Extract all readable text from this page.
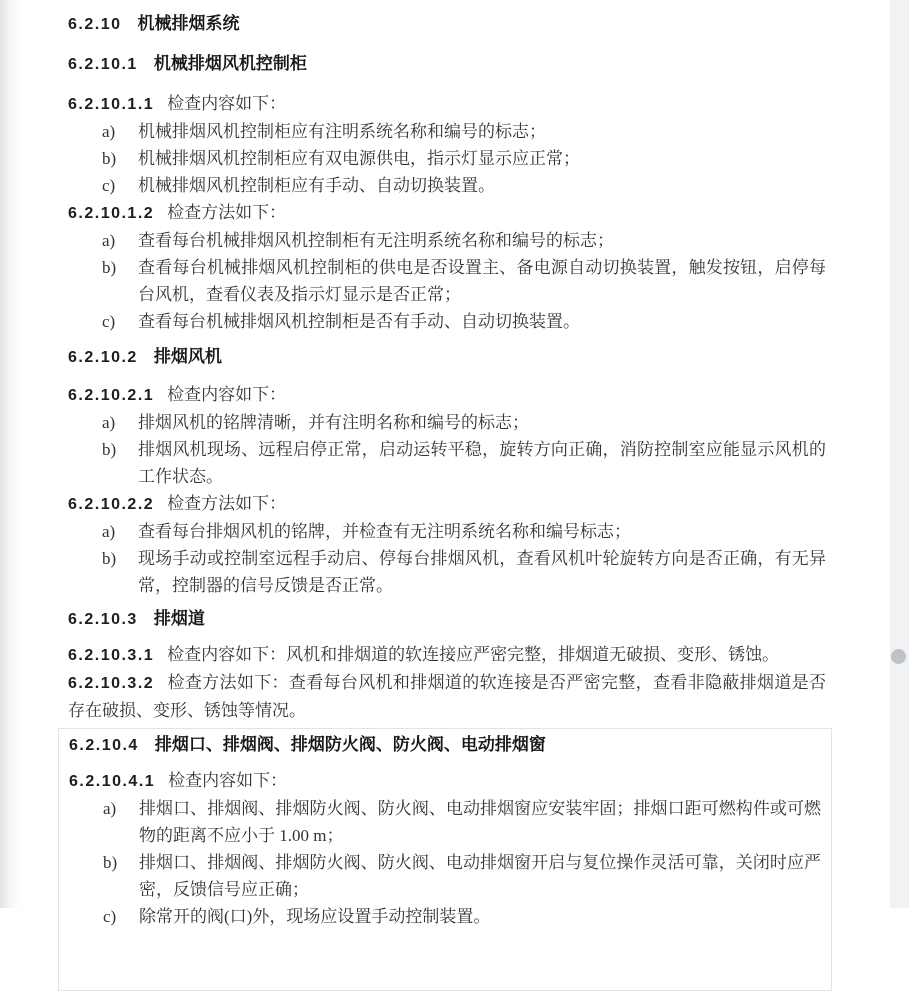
6.2.10 机械排烟系统
6.2.10.1 机械排烟风机控制柜
6.2.10.1.1 检查内容如下：
a)	机械排烟风机控制柜应有注明系统名称和编号的标志；
b)	机械排烟风机控制柜应有双电源供电，指示灯显示应正常；
c)	机械排烟风机控制柜应有手动、自动切换装置。
6.2.10.1.2 检查方法如下：
a)	查看每台机械排烟风机控制柜有无注明系统名称和编号的标志；
b)	查看每台机械排烟风机控制柜的供电是否设置主、备电源自动切换装置，触发按钮，启停每台风机，查看仪表及指示灯显示是否正常；
c)	查看每台机械排烟风机控制柜是否有手动、自动切换装置。
6.2.10.2 排烟风机
6.2.10.2.1 检查内容如下：
a)	排烟风机的铭牌清晰，并有注明名称和编号的标志；
b)	排烟风机现场、远程启停正常，启动运转平稳，旋转方向正确，消防控制室应能显示风机的工作状态。
6.2.10.2.2 检查方法如下：
a)	查看每台排烟风机的铭牌，并检查有无注明系统名称和编号标志；
b)	现场手动或控制室远程手动启、停每台排烟风机，查看风机叶轮旋转方向是否正确，有无异常，控制器的信号反馈是否正常。
6.2.10.3 排烟道
6.2.10.3.1 检查内容如下：风机和排烟道的软连接应严密完整，排烟道无破损、变形、锈蚀。
6.2.10.3.2 检查方法如下：查看每台风机和排烟道的软连接是否严密完整，查看非隐蔽排烟道是否存在破损、变形、锈蚀等情况。
6.2.10.4 排烟口、排烟阀、排烟防火阀、防火阀、电动排烟窗
6.2.10.4.1 检查内容如下：
a)	排烟口、排烟阀、排烟防火阀、防火阀、电动排烟窗应安装牢固；排烟口距可燃构件或可燃物的距离不应小于 1.00 m；
b)	排烟口、排烟阀、排烟防火阀、防火阀、电动排烟窗开启与复位操作灵活可靠，关闭时应严密，反馈信号应正确；
c)	除常开的阀(口)外，现场应设置手动控制装置。
